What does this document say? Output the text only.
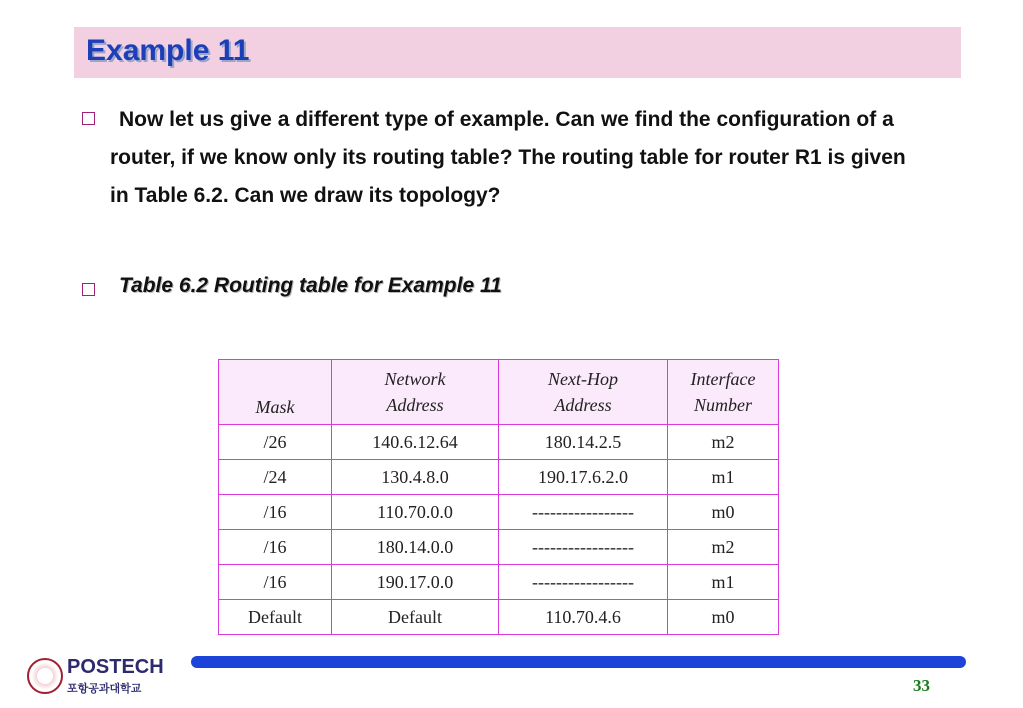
Example 11
Now let us give a different type of example. Can we find the configuration of a router, if we know only its routing table? The routing table for router R1 is given in Table 6.2. Can we draw its topology?
Table 6.2 Routing table for Example 11
Mask	Network Address	Next-Hop Address	Interface Number
/26	140.6.12.64	180.14.2.5	m2
/24	130.4.8.0	190.17.6.2.0	m1
/16	110.70.0.0	-----------------	m0
/16	180.14.0.0	-----------------	m2
/16	190.17.0.0	-----------------	m1
Default	Default	110.70.4.6	m0
POSTECH
포항공과대학교	33
